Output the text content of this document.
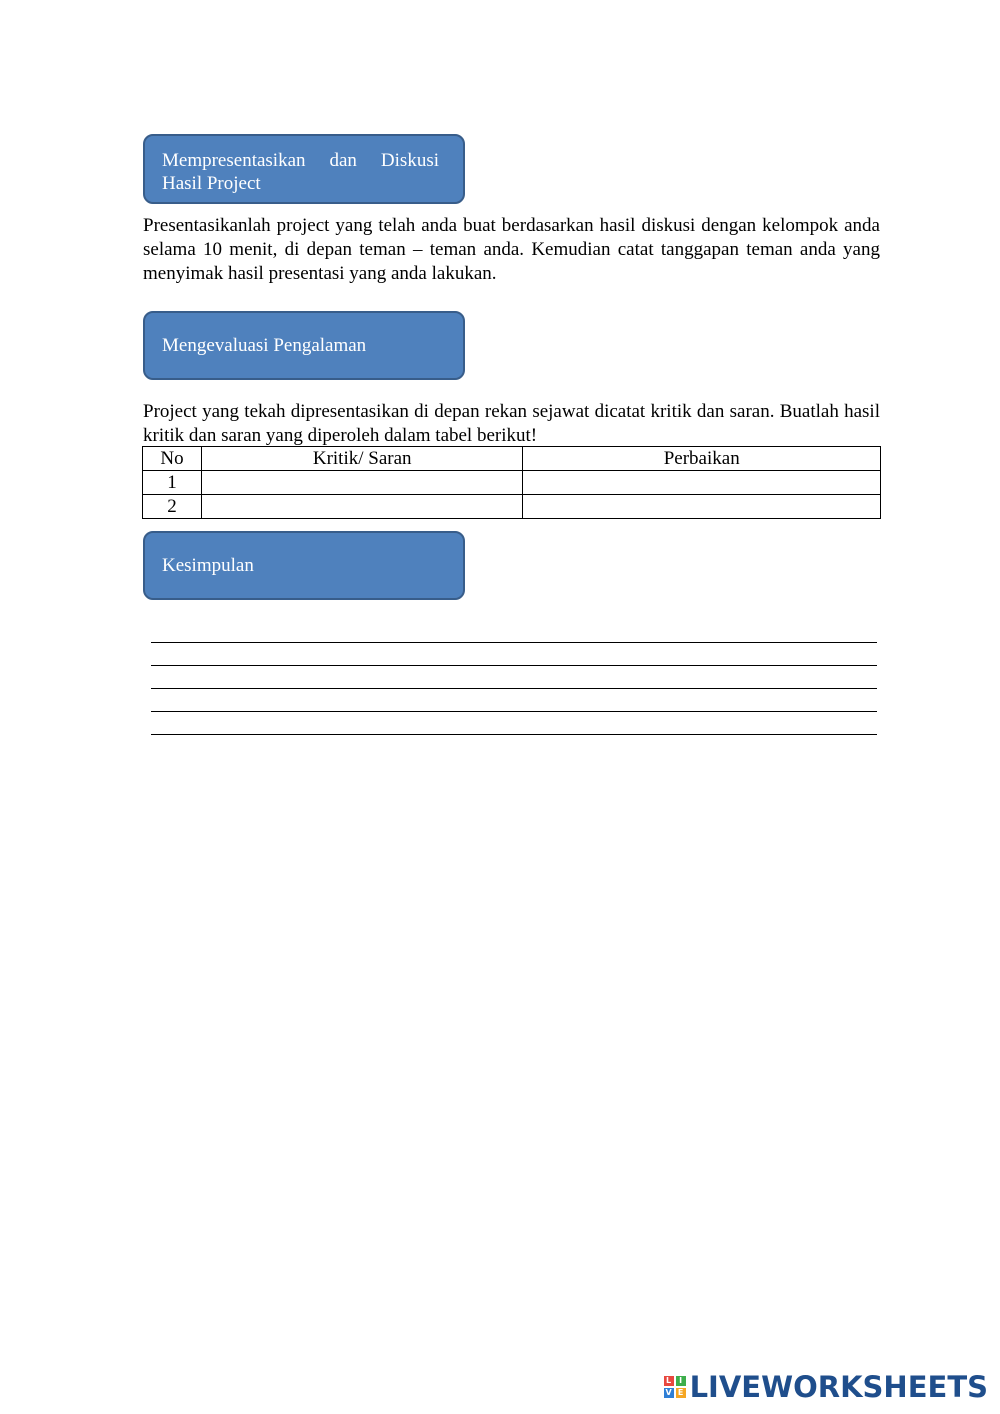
Mempresentasikan dan Diskusi
Hasil Project

Presentasikanlah project yang telah anda buat berdasarkan hasil diskusi dengan kelompok anda selama 10 menit, di depan teman – teman anda. Kemudian catat tanggapan teman anda yang menyimak hasil presentasi yang anda lakukan.

Mengevaluasi Pengalaman

Project yang tekah dipresentasikan di depan rekan sejawat dicatat kritik dan saran. Buatlah hasil kritik dan saran yang diperoleh dalam tabel berikut!

No	Kritik/ Saran	Perbaikan
1		
2		
Kesimpulan
L I
V E LIVEWORKSHEETS
